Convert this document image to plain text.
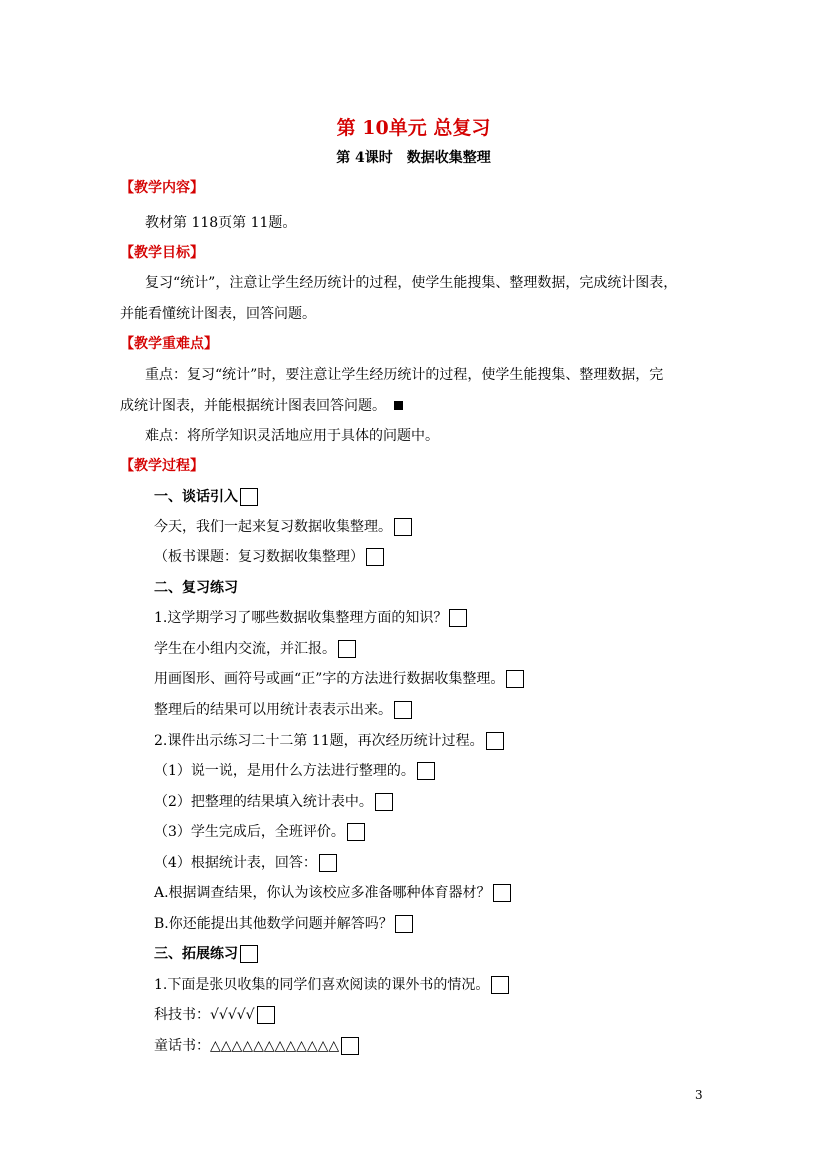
第 10单元 总复习
第 4课时　数据收集整理
【教学内容】
教材第 118页第 11题。
【教学目标】
复习“统计”，注意让学生经历统计的过程，使学生能搜集、整理数据，完成统计图表，
并能看懂统计图表，回答问题。
【教学重难点】
重点：复习“统计”时，要注意让学生经历统计的过程，使学生能搜集、整理数据，完
成统计图表，并能根据统计图表回答问题。
难点：将所学知识灵活地应用于具体的问题中。
【教学过程】
一、谈话引入
今天，我们一起来复习数据收集整理。
（板书课题：复习数据收集整理）
二、复习练习
1.这学期学习了哪些数据收集整理方面的知识？
学生在小组内交流，并汇报。
用画图形、画符号或画“正”字的方法进行数据收集整理。
整理后的结果可以用统计表表示出来。
2.课件出示练习二十二第 11题，再次经历统计过程。
（1）说一说，是用什么方法进行整理的。
（2）把整理的结果填入统计表中。
（3）学生完成后，全班评价。
（4）根据统计表，回答：
A.根据调查结果，你认为该校应多准备哪种体育器材？
B.你还能提出其他数学问题并解答吗？
三、拓展练习
1.下面是张贝收集的同学们喜欢阅读的课外书的情况。
科技书：√√√√√
童话书：△△△△△△△△△△△△
3
